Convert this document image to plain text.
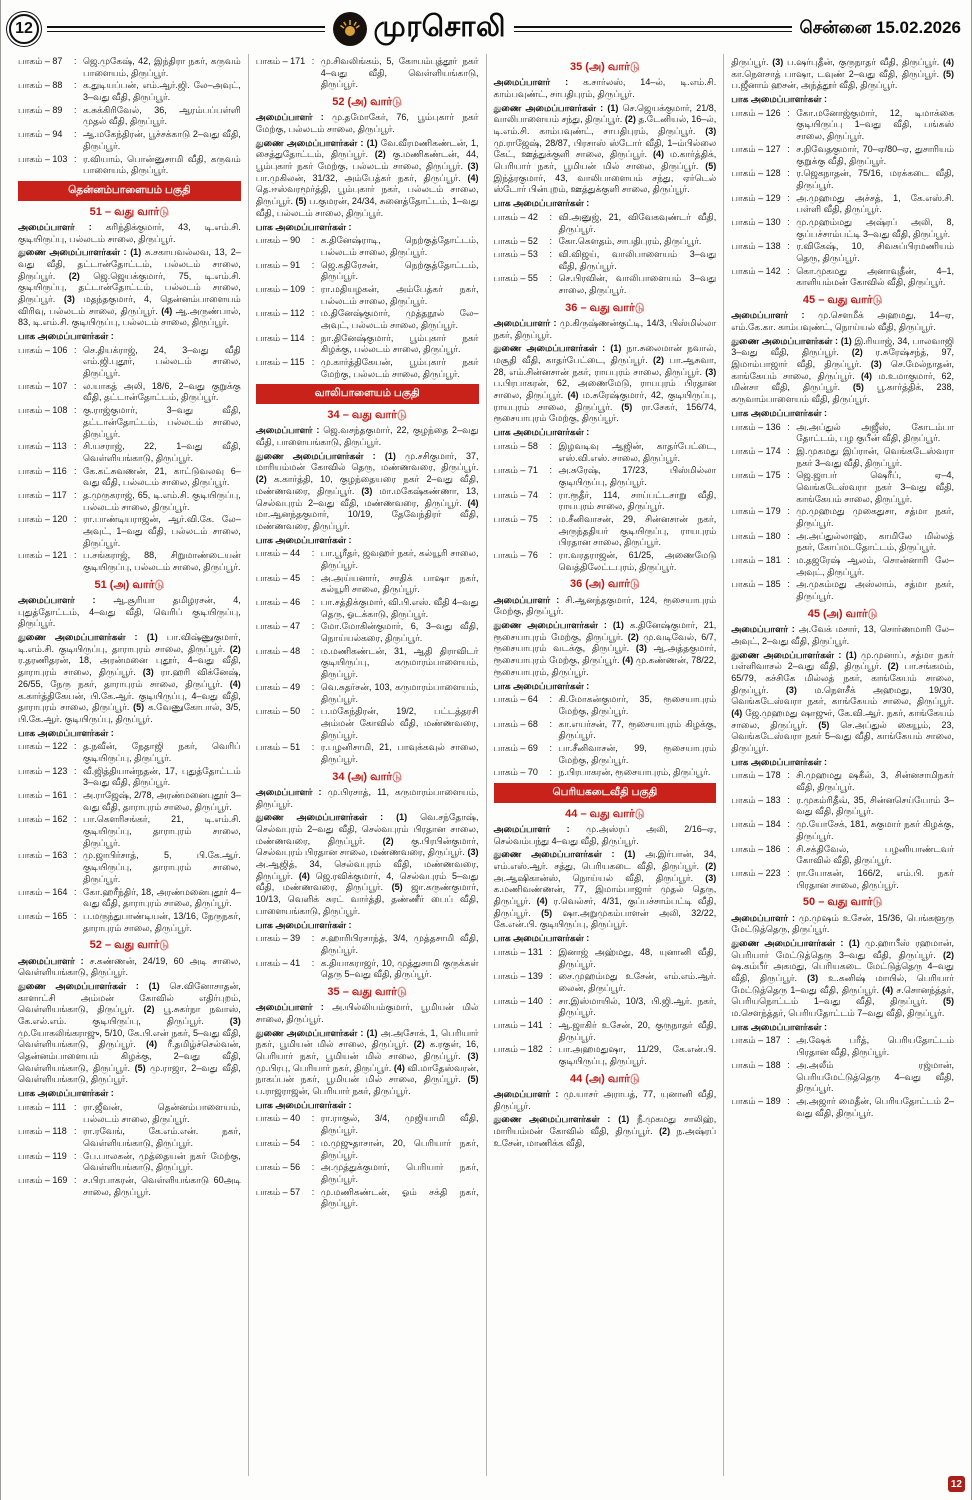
12	முரசொலி	சென்னை 15.02.2026
பாகம் – 87	: ஜெ.முகேஷ், 42, இந்திரா நகர், கருவம் பாளையம், திருப்பூர்.
பாகம் – 88	: க.துடியப்பன், எம்.ஆர்.ஜி. லே–அவுட், 3–வது வீதி, திருப்பூர்.
பாகம் – 89	: க.சுக்கிரிவேல், 36, ஆரம்பப்பள்ளி முதல் வீதி, திருப்பூர்.
பாகம் – 94	: ஆ.மகேந்திரன், பூச்சக்காடு 2–வது வீதி, திருப்பூர்.
பாகம் – 103 : ர.வியாம், பொன்னுசாமி வீதி, கருவம் பாளையம், திருப்பூர்.
தென்னம்பாளையம் பகுதி
51 – வது வார்டு

அமைப்பாளர் : கரிந்திக்குமார், 43, டி.எம்.சி. குடியிருப்பு, பல்லடம் சாலை, திருப்பூர்.

துணை அமைப்பாளர்கள் : (1) சு.சகாயவல்லவ, 13, 2–வது வீதி, தட்டான்தோட்டம், பல்லடம் சாலை, திருப்பூர். (2) ஜெ.ஜெயக்குமார், 75, டி.எம்.சி. குடியிருப்பு, தட்டான்தோட்டம், பல்லடம் சாலை, திருப்பூர். (3) மதந்தகுமார், 4, தென்னம்பாளையம் விரிவு, பல்லடம் சாலை, திருப்பூர். (4) ஆ.அருண்பால், 83, டி.எம்.சி. குடியிருப்பு, பல்லடம் சாலை, திருப்பூர்.

பாக அமைப்பாளர்கள் :

பாகம் – 106 : செ.தியக்ராஜ், 24, 3–வது வீதி எம்.ஜி.புதூர், பல்லடம் சாலை, திருப்பூர்.
பாகம் – 107 : ல.யாகத் அலி, 18/6, 2–வது குறுக்கு வீதி, தட்டான்தோட்டம், திருப்பூர்.
பாகம் – 108 : கு.ராஜ்குமார், 3–வது வீதி, தட்டான்தோட்டம், பல்லடம் சாலை, திருப்பூர்.
பாகம் – 113 : சி.யசராஜ், 22, 1–வது வீதி, வெள்ளியங்காடு, திருப்பூர்.
பாகம் – 116 : கே.கட்சுவணன், 21, காட்டுவலவு 6–வது வீதி, பல்லடம் சாலை, திருப்பூர்.
பாகம் – 117 : த.முருகராஜ், 65, டி.எம்.சி. குடியிருப்பு, பல்லடம் சாலை, திருப்பூர்.
பாகம் – 120 : ரா.பாண்டியராஜன், ஆர்.வி.கே. லே–அவுட், 1–வது வீதி, பல்லடம் சாலை, திருப்பூர்.
பாகம் – 121 : ப.சங்கராஜ், 88, சிறுமாண்டையன் குடியிருப்பு, பல்லடம் சாலை, திருப்பூர்.
51 (அ) வார்டு

அமைப்பாளர் : ஆ.சூரியா தமிழரசன், 4, புதுத்தோட்டம், 4–வது வீதி, வெரிப் குடியிருப்பு, திருப்பூர்.

துணை அமைப்பாளர்கள் : (1) பா.விஷ்ணுகுமார், டி.எம்.சி. குடியிருப்பு, தாராபுரம் சாலை, திருப்பூர். (2) ர.தரணிதரன், 18, அரன்மனை புதூர், 4–வது வீதி, தாராபுரம் சாலை, திருப்பூர். (3) ரா.ஹரி விக்னேஷ், 26/55, நேரு நகர், தாராபுரம் சாலை, திருப்பூர். (4) க.கார்த்திகேயன், பி.கே.ஆர். குடியிருப்பு, 4–வது வீதி, தாராபுரம் சாலை, திருப்பூர். (5) க.வேணுகோபால், 3/5, பி.கே.ஆர். குடியிருப்பு, திருப்பூர்.

பாக அமைப்பாளர்கள் :

பாகம் – 122 : த.நவீன், நேதாஜி நகர், வெரிப் குடியிருப்பு, திருப்பூர்.
பாகம் – 123 : வீ.ஜித்தியான்நதன், 17, புதுத்தோட்டம் 3–வது வீதி, திருப்பூர்.
பாகம் – 161 : அ.ராஜேஷ், 2/78, அரண்மனைபுதூர் 3–வது வீதி, தாராபுரம் சாலை, திருப்பூர்.
பாகம் – 162 : பா.கௌரிசங்கர், 21, டி.எம்.சி. குடியிருப்பு, தாராபுரம் சாலை, திருப்பூர்.
பாகம் – 163 : மு.ஜாபிர்சாத், 5, பி.கே.ஆர். குடியிருப்பு, தாராபுரம் சாலை, திருப்பூர்.
பாகம் – 164 : கோ.ஹரீந்திர், 18, அரண்மனைபுதூர் 4–வது வீதி, தாராபுரம் சாலை, திருப்பூர்.
பாகம் – 165 : ப.மருந்துபாண்டியன், 13/16, நேருநகர், தாராபுரம் சாலை, திருப்பூர்.
52 – வது வார்டு

அமைப்பாளர் : ச.கண்ணன், 24/19, 60 அடி சாலை, வெள்ளியங்காடு, திருப்பூர்.

துணை அமைப்பாளர்கள் : (1) செ.வினோசாதன், காளாட்சி அம்மன் கோவில் எதிர்புறம், வெள்ளியங்காடு, திருப்பூர். (2) பூ.சுகர்நா நவாஸ், கே.எல்.எம். குடியிருப்பு, திருப்பூர். (3) மு.யோகலிங்கராஜு, 5/10, கே.பி.என் நகர், 5–வது வீதி, வெள்ளியங்காடு, திருப்பூர். (4) ரீ.தமிழ்ச்செல்வன், தென்னம்பாளையம் கிழக்கு, 2–வது வீதி, வெள்ளியங்காடு, திருப்பூர். (5) மு.ராஜா, 2–வது வீதி, வெள்ளியங்காடு, திருப்பூர்.

பாக அமைப்பாளர்கள் :

பாகம் – 111 : ரா.ஜீவன், தென்னம்பாளையம், பல்லடம் சாலை, திருப்பூர்.
பாகம் – 118 : ரா.ரவேங், கே.எம்.என். நகர், வெள்ளியங்காடு, திருப்பூர்.
பாகம் – 119 : பே.பாலகன், முத்தையன் நகர் மேற்கு, வெள்ளியங்காடு, திருப்பூர்.
பாகம் – 169 : ச.பிரபாகரன், வெள்ளியங்காடு 60அடி சாலை, திருப்பூர்.
பாகம் – 171 : மு.சிவலிங்கம், 5, கோயம்புத்தூர் நகர் 4–வது வீதி, வெள்ளியங்காடு, திருப்பூர்.
52 (அ) வார்டு

அமைப்பாளர் : மு.தமோகேர், 76, பூம்புகார் நகர் மேற்கு, பல்லடம் சாலை, திருப்பூர்.

துணை அமைப்பாளர்கள் : (1) வே.வீரமணிகண்டன், 1, சைத்துதோட்டம், திருப்பூர். (2) கு.மணிகண்டன், 44, பூம்புகார் நகர் மேற்கு, பல்லடம் சாலை, திருப்பூர். (3) பா.முகிலன், 31/32, அம்பேத்கர் நகர், திருப்பூர். (4) தெ.ஈஸ்வரமூர்த்தி, பூம்புகார் நகர், பல்லடம் சாலை, திருப்பூர். (5) ப.குமரன், 24/34, சுனைத்தோட்டம், 1–வது வீதி, பல்லடம் சாலை, திருப்பூர்.

பாக அமைப்பாளர்கள் :

பாகம் – 90	: க.தினேஷ்ராடி, நெற்குத்தோட்டம், பல்லடம் சாலை, திருப்பூர்.
பாகம் – 91	: ஜெ.கதிரேசன், நெற்குத்தோட்டம், திருப்பூர்.
பாகம் – 109 : ரா.மதியழகன், அம்பேத்கர் நகர், பல்லடம் சாலை, திருப்பூர்.
பாகம் – 112 : ம.தினேஷ்குமார், முத்தநூல் லே–அவுட், பல்லடம் சாலை, திருப்பூர்.
பாகம் – 114 : நா.தினேஷ்குமார், பூம்புகார் நகர் கிழக்கு, பல்லடம் சாலை, திருப்பூர்.
பாகம் – 115 : மு.கார்த்திகேயன், பூம்புகார் நகர் மேற்கு, பல்லடம் சாலை, திருப்பூர்.
வாலிபாளையம் பகுதி
34 – வது வார்டு

அமைப்பாளர் : ஜெ.வசந்தகுமார், 22, குழந்தை 2–வது வீதி, பாளையங்காடு, திருப்பூர்.

துணை அமைப்பாளர்கள் : (1) மு.சசிகுமார், 37, மாரியம்மன் கோவில் தெரு, மண்ணவரை, திருப்பூர். (2) க.கார்த்தி, 10, குழந்தையரை நகர் 2–வது வீதி, மண்ணவரை, திருப்பூர். (3) மா.மகேஷ்கண்ணா, 13, செல்வபுரம் 2–வது வீதி, மண்ணவரை, திருப்பூர். (4) மா.ஆனந்தகுமார், 10/19, தேவேந்திரர் வீதி, மண்ணவரை, திருப்பூர்.

பாக அமைப்பாளர்கள் :

பாகம் – 44	: பா.பூரீதர், ஜவஹர் நகர், கல்யூரி சாலை, திருப்பூர்.
பாகம் – 45	: அ.அய்யனார், சாதிக் பாஷா நகர், கல்யூரி சாலை, திருப்பூர்.
பாகம் – 46	: பா.சத்திக்குமார், வி.பி.எஸ். வீதி 4–வது தெரு, ஓடக்காடு, திருப்பூர்.
பாகம் – 47	: மோ.மோகின்குமார், 6, 3–வது வீதி, நொய்யல்கரை, திருப்பூர்.
பாகம் – 48	: ம.மணிகண்டன், 31, ஆதி திராவிடர் குடியிருப்பு, கருமாரம்பாளையம், திருப்பூர்.
பாகம் – 49	: வெ.சுதர்சன், 103, கருமாரம்பாளையம், திருப்பூர்.
பாகம் – 50	: ப.மகேந்திரன், 19/2, பட்டத்தரசி அம்மன் கோவில் வீதி, மண்ணவரை, திருப்பூர்.
பாகம் – 51	: ர.பழனிசாமி, 21, பாவுக்கவுல் சாலை, திருப்பூர்.
34 (அ) வார்டு

அமைப்பாளர் : மு.பிரசாத், 11, கருமாரம்பாளையம், திருப்பூர்.

துணை அமைப்பாளர்கள் : (1) வெ.சந்தோஷ், செல்வபுரம் 2–வது வீதி, செல்வபுரம் பிரதான சாலை, மண்ணவரை, திருப்பூர். (2) கு.பிரபின்குமார், செல்வபுரம் பிரதான சாலை, மண்ணவரை, திருப்பூர். (3) அ.ஆஜித், 34, செல்வபுரம் வீதி, மண்ணவரை, திருப்பூர். (4) ஜெ.ரவிக்குமார், 4, செல்வபுரம் 5–வது வீதி, மண்ணவரை, திருப்பூர். (5) ஜா.கருண்குமார், 10/13, வெளிக் சுரட் வார்த்தி, தண்ணீர் பைப் வீதி, பாளையங்காடு, திருப்பூர்.

பாக அமைப்பாளர்கள் :

பாகம் – 39	: ச.ஹாரிபிரசாந்த், 3/4, முத்தசாமி வீதி, திருப்பூர்.
பாகம் – 41	: க.தியாகராஜர், 10, முத்துசாமி குருக்கள் தெரு 5–வது வீதி, திருப்பூர்.
35 – வது வார்டு

அமைப்பாளர் : அ.யில்லியம்குமார், பூமியன் மில் சாலை, திருப்பூர்.

துணை அமைப்பாளர்கள் : (1) அ.அசோக், 1, பெரியார் நகர், பூமியன் மில் சாலை, திருப்பூர். (2) க.ரகுள், 16, பெரியார் நகர், பூமியன் மில் சாலை, திருப்பூர். (3) மு.பிரபு, பெரியார் நகர், திருப்பூர். (4) வி.மாதேஸ்வரன், நாகப்பன் நகர், பூமியன் மில் சாலை, திருப்பூர். (5) ப.ராஜராஜன், பெரியார் நகர், திருப்பூர்.

பாக அமைப்பாளர்கள் :

பாகம் – 40	: ரா.ராகுல், 3/4, முஜியாமி வீதி, திருப்பூர்.
பாகம் – 54	: ம.முஜுதாசான், 20, பெரியார் நகர், திருப்பூர்.
பாகம் – 56	: அ.முத்துக்குமார், பெரியார் நகர், திருப்பூர்.
பாகம் – 57	: மு.மணிகண்டன், ஓம் சக்தி நகர், திருப்பூர்.
35 (அ) வார்டு

அமைப்பாளர் : க.சார்லஸ், 14–ல், டி.எம்.சி. காம்பவுண்ட், சாபதிபுரம், திருப்பூர்.

துணை அமைப்பாளர்கள் : (1) செ.ஜெயக்குமார், 21/8, வாலிபாளையம் சந்து, திருப்பூர். (2) த.டேனியல், 16–ல், டி.எம்.சி. காம்பவுண்ட், சாபதிபுரம், திருப்பூர். (3) மு.ராஜேஷ், 28/87, பிரசாஸ் ஸ்டோர் வீதி, 1–ம்பில்லை கேட், ஊத்துக்குளி சாலை, திருப்பூர். (4) ம.கார்த்திக், பெரியார் நகர், பூமியன் மில் சாலை, திருப்பூர். (5) இந்த்ரகுமார், 43, வாலிபாளையம் சந்து, ஏர்டெல் ஸ்டோர் பின்புறம், ஊத்துக்குளி சாலை, திருப்பூர்.

பாக அமைப்பாளர்கள் :

பாகம் – 42	: வி.அனுஜ், 21, விவேகவுண்டர் வீதி, திருப்பூர்.
பாகம் – 52	: கோ.கௌதம், சாபதிபுரம், திருப்பூர்.
பாகம் – 53	: வி.விஜய், வாலிபாளையம் 3–வது வீதி, திருப்பூர்.
பாகம் – 55	: செ.பிரவின், வாலிபாளையம் 3–வது சாலை, திருப்பூர்.
36 – வது வார்டு

அமைப்பாளர் : மு.கிருஷ்ணன்குட்டி, 14/3, பிஸ்மில்லா நகர், திருப்பூர்.

துணை அமைப்பாளர்கள் : (1) நா.சுலைமான் நவால், மசூதி வீதி, காதர்பேட்டை, திருப்பூர். (2) பா.ஆசுவா, 28, எம்.சின்னசான் நகர், ராயபுரம் சாலை, திருப்பூர். (3) ப.பிரபாகரன், 62, அணைமேடு, ராயபுரம் பிரதான சாலை, திருப்பூர். (4) ம.சுரேஷ்குமார், 42, குடியிருப்பு, ராயபுரம் சாலை, திருப்பூர். (5) ரா.சேகர், 156/74, ரூசையாபுரம் மேற்கு, திருப்பூர்.

பாக அமைப்பாளர்கள் :

பாகம் – 58	: இழவடிவு ஆஜின், காதர்பேட்டை, எஸ்.வி.எஸ். சாலை, திருப்பூர்.
பாகம் – 71	: அ.சுரேஷ், 17/23, பிஸ்மில்லா குடியிருப்பு, திருப்பூர்.
பாகம் – 74	: ரா.ரூதீர், 114, சாய்பட்டசாறு வீதி, ராயபுரம் சாலை, திருப்பூர்.
பாகம் – 75	: ம.சீனிவாசன், 29, சின்னசான் நகர், அருந்ததியர் குடியிருப்பு, ராயபுரம் பிரதான சாலை, திருப்பூர்.
பாகம் – 76	: ரா.வரதராஜன், 61/25, அணைமேடு வெத்திலேட்டபுரம், திருப்பூர்.
36 (அ) வார்டு

அமைப்பாளர் : சி.ஆனந்தகுமார், 124, ரூசையாபுரம் மேற்கு, திருப்பூர்.

துணை அமைப்பாளர்கள் : (1) க.தினேஷ்குமார், 21, ரூசையாபுரம் மேற்கு, திருப்பூர். (2) மு.வடிவேல், 6/7, ரூசையாபுரம் வடக்கு, திருப்பூர். (3) ஆ.அத்தகுமார், ரூசையாபுரம் மேற்கு, திருப்பூர். (4) மு.கண்ணன், 78/22, ரூசையாபுரம், திருப்பூர்.

பாக அமைப்பாளர்கள் :

பாகம் – 64	: கி.மோகன்குமார், 35, ரூசையாபுரம் மேற்கு, திருப்பூர்.
பாகம் – 68	: கா.எயர்சன், 77, ரூசையாபுரம் கிழக்கு, திருப்பூர்.
பாகம் – 69	: பா.சீனிவாசன், 99, ரூசையாபுரம் மேற்கு, திருப்பூர்.
பாகம் – 70	: ந.பிரபாகரன், ரூசையாபுரம், திருப்பூர்.
பெரியகடைவீதி பகுதி
44 – வது வார்டு

அமைப்பாளர் : மு.அஸ்ரப் அலி, 2/16–ஏ, செல்வம்பந்து 4–வது வீதி, திருப்பூர்.

துணை அமைப்பாளர்கள் : (1) அ.இர்பான், 34, எம்.எஸ்.ஆர். சத்து, பெரியகடை வீதி, திருப்பூர். (2) அ.ஆஷிகான்ஸ், நொய்யல் வீதி, திருப்பூர். (3) க.மணிவண்ணன், 77, இமாம்பாஜார் முதல் தெரு, திருப்பூர். (4) ர.வெல்சர், 4/31, குப்பச்சாம்பட்டி வீதி, திருப்பூர். (5) ஷா.அறுமுகம்பாளன் அலி, 32/22, கே.என்.பி. குடியிருப்பு, திருப்பூர்.

பாக அமைப்பாளர்கள் :

பாகம் – 131 : இனாஜ் அஹ்மது, 48, யுனானி வீதி, திருப்பூர்.
பாகம் – 139 : சை.முஹம்மது உசேன், எம்.எம்.ஆர். லைன், திருப்பூர்.
பாகம் – 140 : சா.இஸ்மாயில், 10/3, பி.ஜி.ஆர். நகர், திருப்பூர்.
பாகம் – 141 : ஆ.ஜாகிர் உசேன், 20, குருநாதர் வீதி, திருப்பூர்.
பாகம் – 182 : பா.அஹமதுஷா, 11/29, கே.என்.பி. குடியிருப்பு, திருப்பூர்.
44 (அ) வார்டு

அமைப்பாளர் : மு.யாசர் அராபத், 77, யுனானி வீதி, திருப்பூர்.

துணை அமைப்பாளர்கள் : (1) நீ.முகமது சாலிஹ், மாரியம்மன் கோவில் வீதி, திருப்பூர். (2) ந.அஷ்ரப் உசேன், மாணிக்க வீதி,

திருப்பூர். (3) ப.ஷர்புதீன், குருநாதர் வீதி, திருப்பூர். (4) கா.நௌசாத் பாஷா, டவுண் 2–வது வீதி, திருப்பூர். (5) ப.ஜீனாம் ஹசன், அந்த்தூர் வீதி, திருப்பூர்.

பாக அமைப்பாளர்கள் :

பாகம் – 126 : கோ.மனோஜ்குமார், 12, டிமாக்கை குடியிருப்பு 1–வது வீதி, பங்கஸ் சாலை, திருப்பூர்.
பாகம் – 127 : ச.நிவேதகுமார், 70–ஏ/80–ஏ, துசாரியம் குறுக்கு வீதி, திருப்பூர்.
பாகம் – 128 : ர.ஜெகநாதன், 75/16, மரக்கடை வீதி, திருப்பூர்.
பாகம் – 129 : அ.முஹமது அச்சத், 1, கே.எஸ்.சி. பள்ளி வீதி, திருப்பூர்.
பாகம் – 130 : மு.முஹம்மது அஷ்ரப் அலி, 8, குப்பச்சாம்பட்டி 3–வது வீதி, திருப்பூர்.
பாகம் – 138 : ர.விகேஷ், 10, சிவசுப்பிரமணியம் தெரு, திருப்பூர்.
பாகம் – 142 : கொ.முகமது அனாவுதீன், 4–1, காளியம்மன் கோவில் வீதி, திருப்பூர்.
45 – வது வார்டு

அமைப்பாளர் : மு.சௌமீக் அஹமது, 14–ஏ, எம்.கே.கா. காம்பவுண்ட், நொய்யல் வீதி, திருப்பூர்.

துணை அமைப்பாளர்கள் : (1) இ.ரியாஜ், 34, பாலவாஜி 3–வது வீதி, திருப்பூர். (2) ர.சுரேஷ்சந்த், 97, இமாம்பாஜார் வீதி, திருப்பூர். (3) செ.மேல்நாதன், காங்கேயம் சாலை, திருப்பூர். (4) ம.உமாகுமார், 62, மின்சா வீதி, திருப்பூர். (5) பூ.கார்த்திக், 238, கருவாம்பாளையம் வீதி, திருப்பூர்.

பாக அமைப்பாளர்கள் :

பாகம் – 136 : அ.அப்துல் அஜீஸ், கோடம்பா தோட்டம், பழ குபீன் வீதி, திருப்பூர்.
பாகம் – 174 : இ.முகமது இப்ரான், வெங்கடேஸ்வரா நகர் 3–வது வீதி, திருப்பூர்.
பாகம் – 175 : ஜெ.ஜாபர் ஷெரீப், ஏ–4, வெங்கடேஸ்வரா நகர் 3–வது வீதி, காங்கேயம் சாலை, திருப்பூர்.
பாகம் – 179 : மு.முஹமது முகைதுசா, சத்மா நகர், திருப்பூர்.
பாகம் – 180 : அ.அப்துல்லாஹ், காமிலே மில்லத் நகர், கோப்மடதோட்டம், திருப்பூர்.
பாகம் – 181 : ம.தஜரேஷ் ஆலம், சொன்னாரி லே–அவுட், திருப்பூர்.
பாகம் – 185 : அ.முகம்மது அஸ்லாம், சத்மா நகர், திருப்பூர்.
45 (அ) வார்டு

அமைப்பாளர் : அ.வேக் மசார், 13, சொர்ணமாரி லே–அவுட், 2–வது வீதி, திருப்பூர்.

துணை அமைப்பாளர்கள் : (1) மு.முனாப், சத்மா நகர் பள்ளிவாசல் 2–வது வீதி, திருப்பூர். (2) பா.சங்கமம், 65/79, கச்சிகே மில்லத் நகர், காங்கேயம் சாலை, திருப்பூர். (3) ம.நௌசீக் அஹமது, 19/30, வெங்கடேஸ்வரா நகர், காங்கேயம் சாலை, திருப்பூர். (4) ஜே.முஹமது ஷாஜுர், கே.வி.ஆர். நகர், காங்கேயம் சாலை, திருப்பூர். (5) செ.அப்துல் கையூம், 23, வெங்கடேஸ்வரா நகர் 5–வது வீதி, காங்கேயம் சாலை, திருப்பூர்.

பாக அமைப்பாளர்கள் :

பாகம் – 178 : சி.முஹமது ஷகீல், 3, சின்னசாமிநகர் வீதி, திருப்பூர்.
பாகம் – 183 : ர.முகம்ரிதீவ், 35, சின்னசெய்யோம் 3–வது வீதி, திருப்பூர்.
பாகம் – 184 : மு.யோசேக், 181, சுகுமார் நகர் கிழக்கு, திருப்பூர்.
பாகம் – 186 : சி.சக்திவேல், பழனியாண்டவர் கோவில் வீதி, திருப்பூர்.
பாகம் – 223 : ரா.யோகன், 166/2, எம்.பி. நகர் பிரதான சாலை, திருப்பூர்.
50 – வது வார்டு

அமைப்பாளர் : மு.முஷம் உசேன், 15/36, பெங்களூரு மேட்டுத்தெரு, திருப்பூர்.

துணை அமைப்பாளர்கள் : (1) மு.ஹாபீஸ் ரஹமான், பெரியார் மேட்டுத்தெரு 3–வது வீதி, திருப்பூர். (2) ஷ.கம்பீர் அகமது, பெரியகடை மேட்டுத்தெரு 4–வது வீதி, திருப்பூர். (3) உ.கனிஷ் மாயில், பெரியார் மேட்டுத்தெரு 1–வது வீதி, திருப்பூர். (4) ச.சொனந்த்தர், பெரியநொட்டம் 1–வது வீதி, திருப்பூர். (5) ம.சௌந்த்தர், பெரியதோட்டம் 7–வது வீதி, திருப்பூர்.

பாக அமைப்பாளர்கள் :

பாகம் – 187 : அ.ஷேக் பரீத், பெரியதோட்டம் பிரதான வீதி, திருப்பூர்.
பாகம் – 188 : அ.அலீம் ரஜ்மான், பெரியமேட்டுத்தெரு 4–வது வீதி, திருப்பூர்.
பாகம் – 189 : அ.அஜார் மைதீன், பெரியதோட்டம் 2–வது வீதி, திருப்பூர்.
12
